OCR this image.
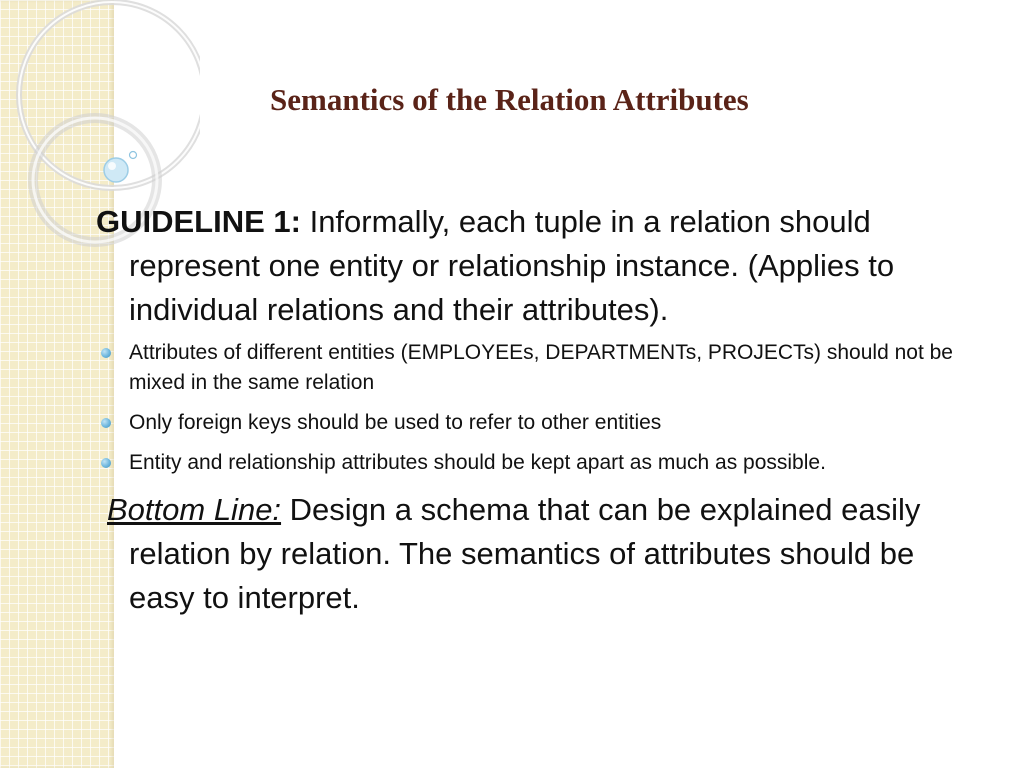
Semantics of the Relation Attributes

GUIDELINE 1: Informally, each tuple in a relation should represent one entity or relationship instance. (Applies to individual relations and their attributes).

Attributes of different entities (EMPLOYEEs, DEPARTMENTs, PROJECTs) should not be mixed in the same relation
Only foreign keys should be used to refer to other entities
Entity and relationship attributes should be kept apart as much as possible.

Bottom Line: Design a schema that can be explained easily relation by relation. The semantics of attributes should be easy to interpret.
